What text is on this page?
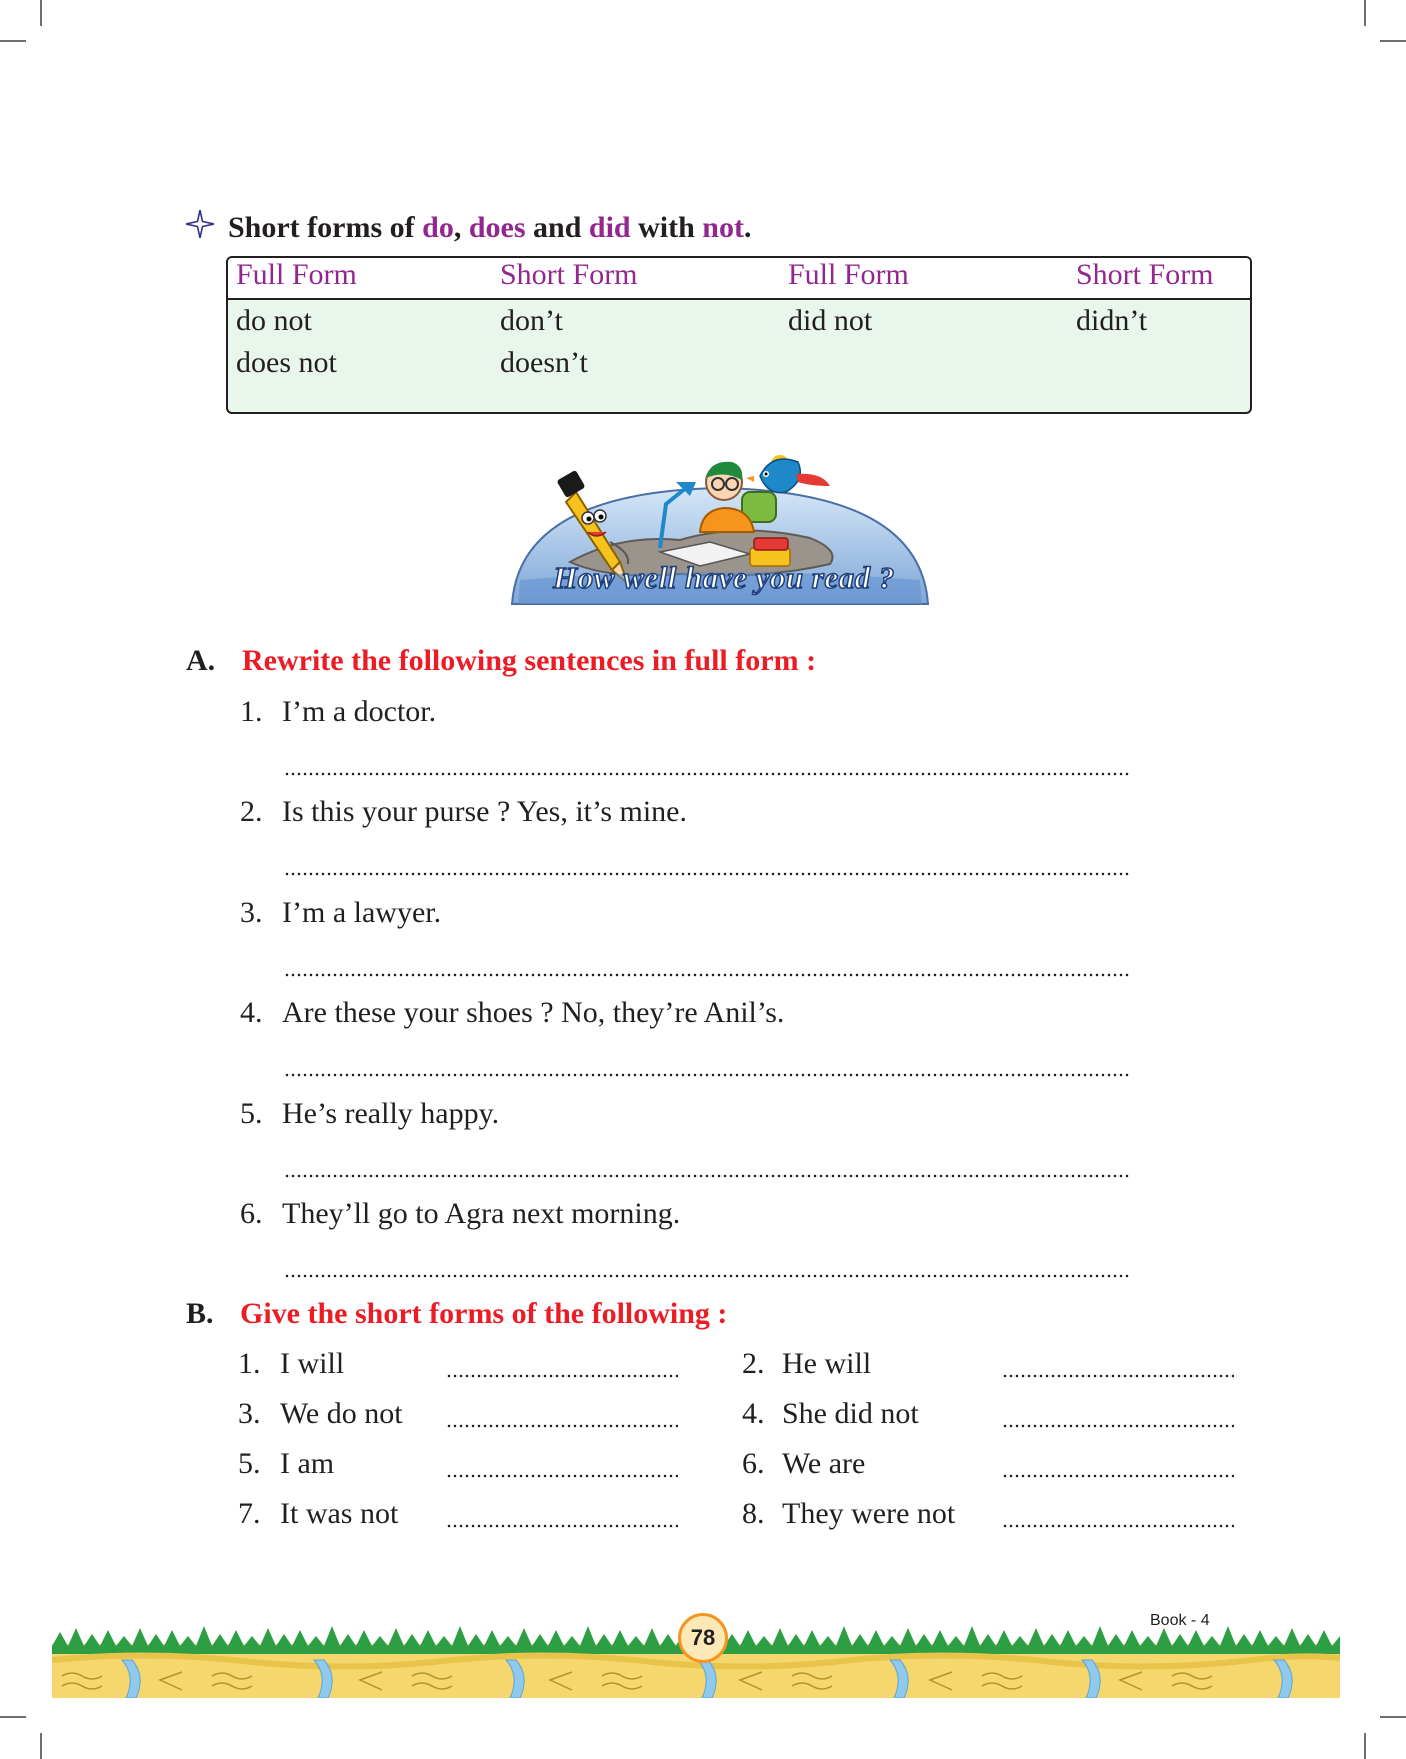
Short forms of do, does and did with not.
Full Form	Short Form	Full Form	Short Form
do not	don’t	did not	didn’t
does not	doesn’t
How well have you read ?
A. Rewrite the following sentences in full form :
1. I’m a doctor.
2. Is this your purse ? Yes, it’s mine.
3. I’m a lawyer.
4. Are these your shoes ? No, they’re Anil’s.
5. He’s really happy.
6. They’ll go to Agra next morning.
B. Give the short forms of the following :
1. I will	2. He will
3. We do not	4. She did not
5. I am	6. We are
7. It was not	8. They were not
78
Book - 4
